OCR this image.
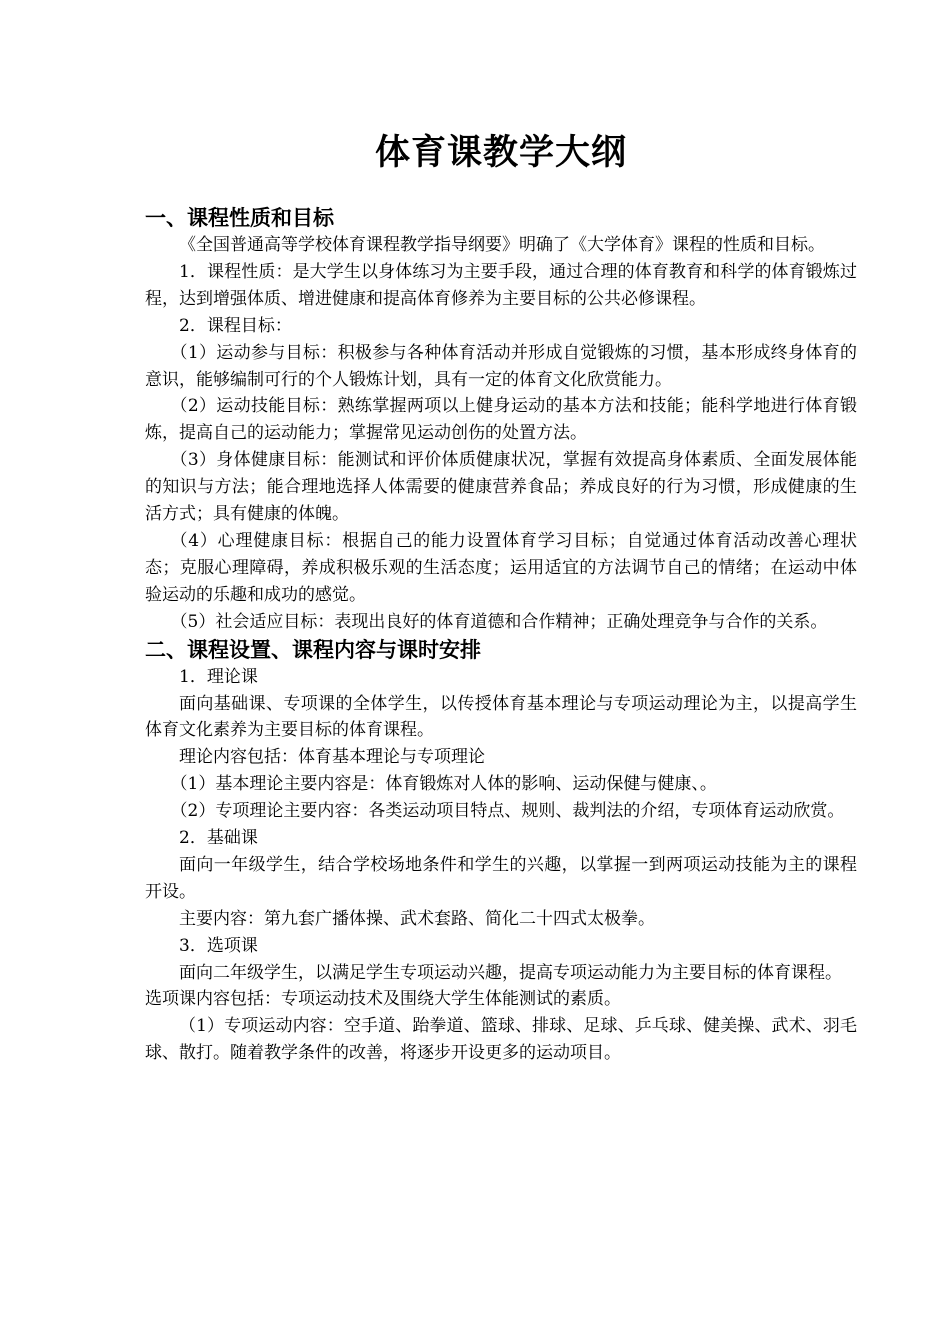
体育课教学大纲
一、课程性质和目标

《全国普通高等学校体育课程教学指导纲要》明确了《大学体育》课程的性质和目标。

1．课程性质：是大学生以身体练习为主要手段，通过合理的体育教育和科学的体育锻炼过程，达到增强体质、增进健康和提高体育修养为主要目标的公共必修课程。

2．课程目标：

（1）运动参与目标：积极参与各种体育活动并形成自觉锻炼的习惯，基本形成终身体育的意识，能够编制可行的个人锻炼计划，具有一定的体育文化欣赏能力。

（2）运动技能目标：熟练掌握两项以上健身运动的基本方法和技能；能科学地进行体育锻炼，提高自己的运动能力；掌握常见运动创伤的处置方法。

（3）身体健康目标：能测试和评价体质健康状况，掌握有效提高身体素质、全面发展体能的知识与方法；能合理地选择人体需要的健康营养食品；养成良好的行为习惯，形成健康的生活方式；具有健康的体魄。

（4）心理健康目标：根据自己的能力设置体育学习目标；自觉通过体育活动改善心理状态；克服心理障碍，养成积极乐观的生活态度；运用适宜的方法调节自己的情绪；在运动中体验运动的乐趣和成功的感觉。

（5）社会适应目标：表现出良好的体育道德和合作精神；正确处理竞争与合作的关系。

二、课程设置、课程内容与课时安排

1．理论课

面向基础课、专项课的全体学生，以传授体育基本理论与专项运动理论为主，以提高学生体育文化素养为主要目标的体育课程。

理论内容包括：体育基本理论与专项理论

（1）基本理论主要内容是：体育锻炼对人体的影响、运动保健与健康、。

（2）专项理论主要内容：各类运动项目特点、规则、裁判法的介绍，专项体育运动欣赏。

2．基础课

面向一年级学生，结合学校场地条件和学生的兴趣，以掌握一到两项运动技能为主的课程开设。

主要内容：第九套广播体操、武术套路、简化二十四式太极拳。

3．选项课

面向二年级学生，以满足学生专项运动兴趣，提高专项运动能力为主要目标的体育课程。

选项课内容包括：专项运动技术及围绕大学生体能测试的素质。

（1）专项运动内容：空手道、跆拳道、篮球、排球、足球、乒乓球、健美操、武术、羽毛球、散打。随着教学条件的改善，将逐步开设更多的运动项目。
